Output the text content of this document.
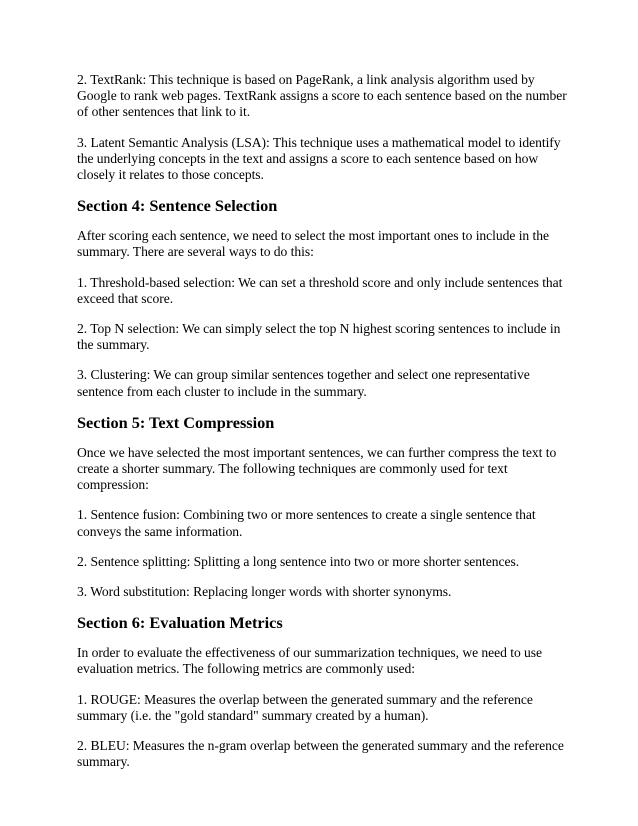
2. TextRank: This technique is based on PageRank, a link analysis algorithm used by Google to rank web pages. TextRank assigns a score to each sentence based on the number of other sentences that link to it.

3. Latent Semantic Analysis (LSA): This technique uses a mathematical model to identify the underlying concepts in the text and assigns a score to each sentence based on how closely it relates to those concepts.

Section 4: Sentence Selection

After scoring each sentence, we need to select the most important ones to include in the summary. There are several ways to do this:

1. Threshold-based selection: We can set a threshold score and only include sentences that exceed that score.

2. Top N selection: We can simply select the top N highest scoring sentences to include in the summary.

3. Clustering: We can group similar sentences together and select one representative sentence from each cluster to include in the summary.

Section 5: Text Compression

Once we have selected the most important sentences, we can further compress the text to create a shorter summary. The following techniques are commonly used for text compression:

1. Sentence fusion: Combining two or more sentences to create a single sentence that conveys the same information.

2. Sentence splitting: Splitting a long sentence into two or more shorter sentences.

3. Word substitution: Replacing longer words with shorter synonyms.

Section 6: Evaluation Metrics

In order to evaluate the effectiveness of our summarization techniques, we need to use evaluation metrics. The following metrics are commonly used:

1. ROUGE: Measures the overlap between the generated summary and the reference summary (i.e. the "gold standard" summary created by a human).

2. BLEU: Measures the n-gram overlap between the generated summary and the reference summary.
